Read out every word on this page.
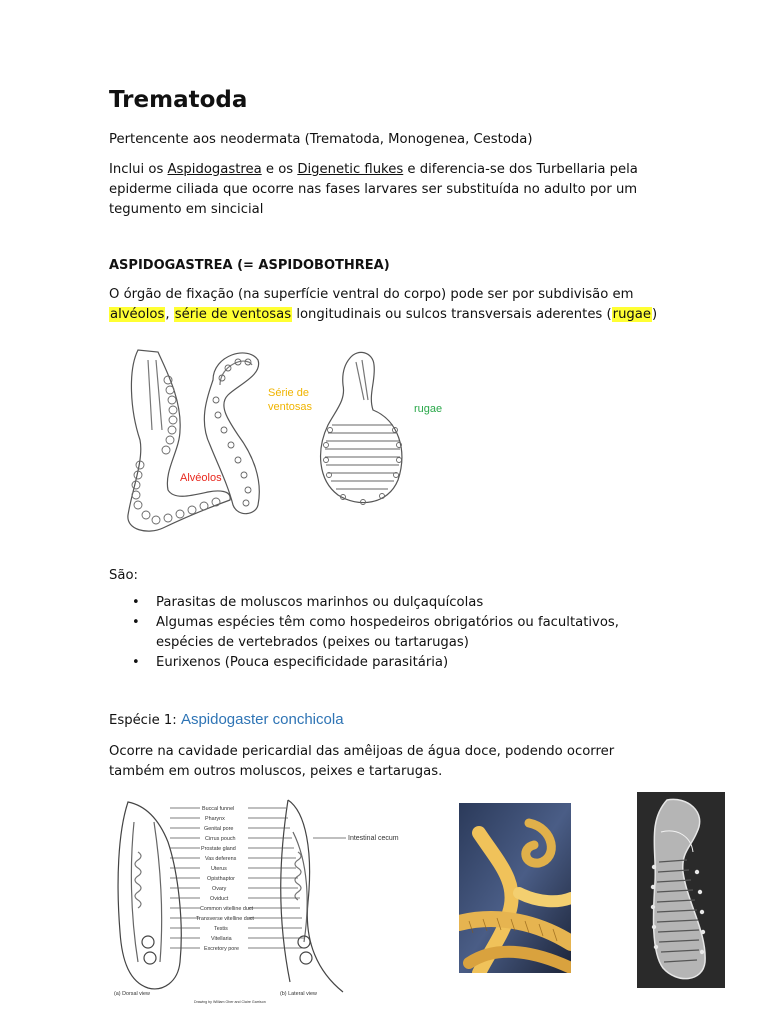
Trematoda
Pertencente aos neodermata (Trematoda, Monogenea, Cestoda)
Inclui os Aspidogastrea e os Digenetic flukes e diferencia-se dos Turbellaria pela epiderme ciliada que ocorre nas fases larvares ser substituída no adulto por um tegumento em sincicial
ASPIDOGASTREA (= ASPIDOBOTHREA)
O órgão de fixação (na superfície ventral do corpo) pode ser por subdivisão em alvéolos, série de ventosas longitudinais ou sulcos transversais aderentes (rugae)
Alvéolos
Série de
ventosas	rugae
São:
• Parasitas de moluscos marinhos ou dulçaquícolas
• Algumas espécies têm como hospedeiros obrigatórios ou facultativos, espécies de vertebrados (peixes ou tartarugas)
• Eurixenos (Pouca especificidade parasitária)
Espécie 1: Aspidogaster conchicola
Ocorre na cavidade pericardial das amêijoas de água doce, podendo ocorrer também em outros moluscos, peixes e tartarugas.
Buccal funnel
Pharynx
Genital pore
Cirrus pouch
Prostate gland
Vas deferens
Uterus
Opisthaptor
Ovary
Oviduct
Common vitelline duct
Transverse vitelline duct
Testis
Vitellaria
Excretory pore
Intestinal cecum
(a) Dorsal view	(b) Lateral view
Drawing by William Ober and Claire Garrison
